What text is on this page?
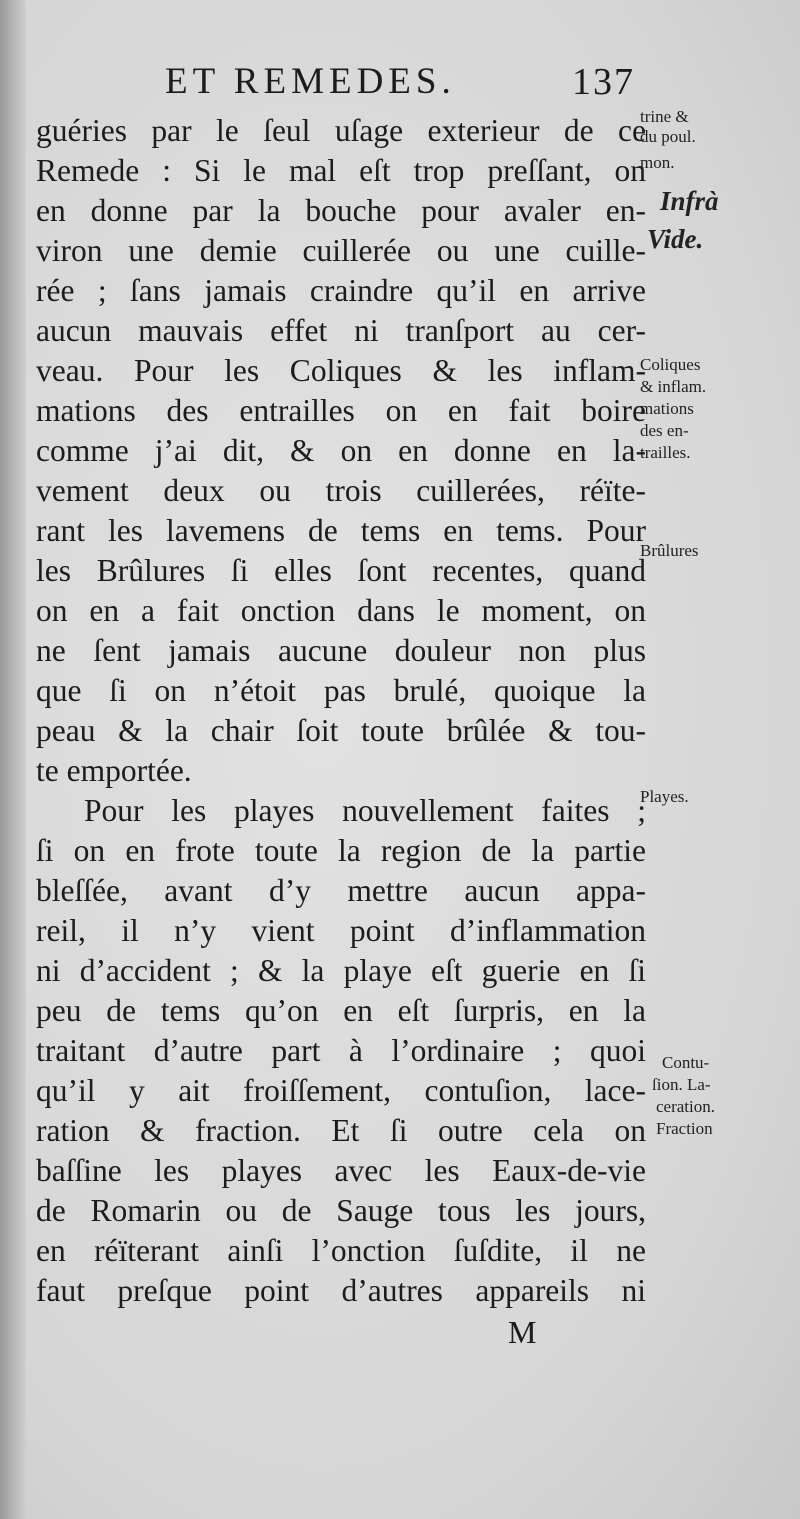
ET REMEDES.	137
guéries par le ſeul uſage exterieur de ce
Remede : Si le mal eſt trop preſſant, on
en donne par la bouche pour avaler en-
viron une demie cuillerée ou une cuille-
rée ; ſans jamais craindre qu’il en arrive
aucun mauvais effet ni tranſport au cer-
veau. Pour les Coliques & les inflam-
mations des entrailles on en fait boire
comme j’ai dit, & on en donne en la-
vement deux ou trois cuillerées, réïte-
rant les lavemens de tems en tems. Pour
les Brûlures ſi elles ſont recentes, quand
on en a fait onction dans le moment, on
ne ſent jamais aucune douleur non plus
que ſi on n’étoit pas brulé, quoique la
peau & la chair ſoit toute brûlée & tou-
te emportée.
Pour les playes nouvellement faites ;
ſi on en frote toute la region de la partie
bleſſée, avant d’y mettre aucun appa-
reil, il n’y vient point d’inflammation
ni d’accident ; & la playe eſt guerie en ſi
peu de tems qu’on en eſt ſurpris, en la
traitant d’autre part à l’ordinaire ; quoi
qu’il y ait froiſſement, contuſion, lace-
ration & fraction. Et ſi outre cela on
baſſine les playes avec les Eaux-de-vie
de Romarin ou de Sauge tous les jours,
en réïterant ainſi l’onction ſuſdite, il ne
faut preſque point d’autres appareils ni
trine &
du poul.
mon.
Infrà
Vide.
Coliques
& inflam.
mations
des en-
trailles.
Brûlures
Playes.
Contu-
ſion. La-
ceration.
Fraction
M
